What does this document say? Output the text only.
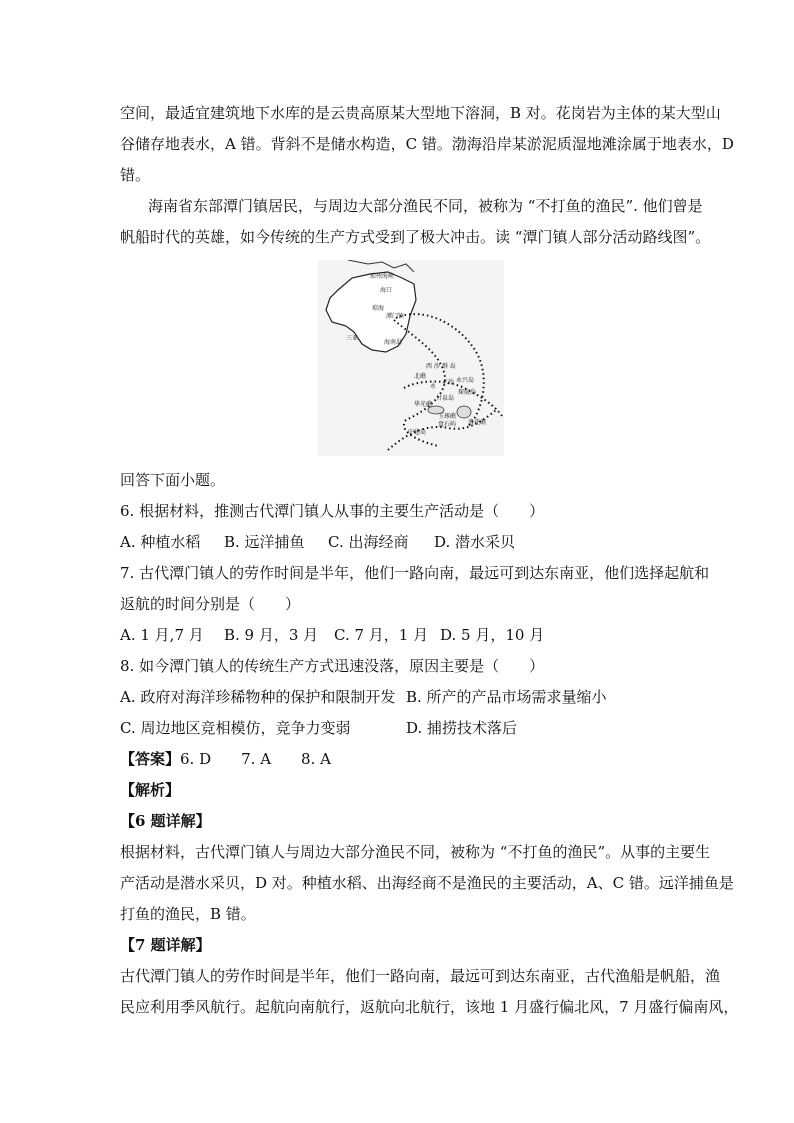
空间，最适宜建筑地下水库的是云贵高原某大型地下溶洞，B 对。花岗岩为主体的某大型山
谷储存地表水，A 错。背斜不是储水构造，C 错。渤海沿岸某淤泥质湿地滩涂属于地表水，D
错。
海南省东部潭门镇居民，与周边大部分渔民不同，被称为 “不打鱼的渔民”. 他们曾是
帆船时代的英雄，如今传统的生产方式受到了极大冲击。读 “潭门镇人部分活动路线图”。
琼州海峡
海口
琼海
潭门镇
三亚
海南岛
西 沙 群 岛
北礁
永
三沙 永兴岛
甘泉岛
琛航岛
华光礁
玉琢礁
盘石屿 浪花礁
中建岛
回答下面小题。
6. 根据材料，推测古代潭门镇人从事的主要生产活动是（　　）
A. 种植水稻 B. 远洋捕鱼 C. 出海经商 D. 潜水采贝
7. 古代潭门镇人的劳作时间是半年，他们一路向南，最远可到达东南亚，他们选择起航和
返航的时间分别是（　　）
A. 1 月,7 月 B. 9 月，3 月 C. 7 月，1 月 D. 5 月，10 月
8. 如今潭门镇人的传统生产方式迅速没落，原因主要是（　　）
A. 政府对海洋珍稀物种的保护和限制开发 B. 所产的产品市场需求量缩小
C. 周边地区竞相模仿，竞争力变弱	D. 捕捞技术落后
【答案】6. D　　7. A　　8. A
【解析】
【6 题详解】
根据材料，古代潭门镇人与周边大部分渔民不同，被称为 “不打鱼的渔民”。从事的主要生
产活动是潜水采贝，D 对。种植水稻、出海经商不是渔民的主要活动，A、C 错。远洋捕鱼是
打鱼的渔民，B 错。
【7 题详解】
古代潭门镇人的劳作时间是半年，他们一路向南，最远可到达东南亚，古代渔船是帆船，渔
民应利用季风航行。起航向南航行，返航向北航行，该地 1 月盛行偏北风，7 月盛行偏南风，
